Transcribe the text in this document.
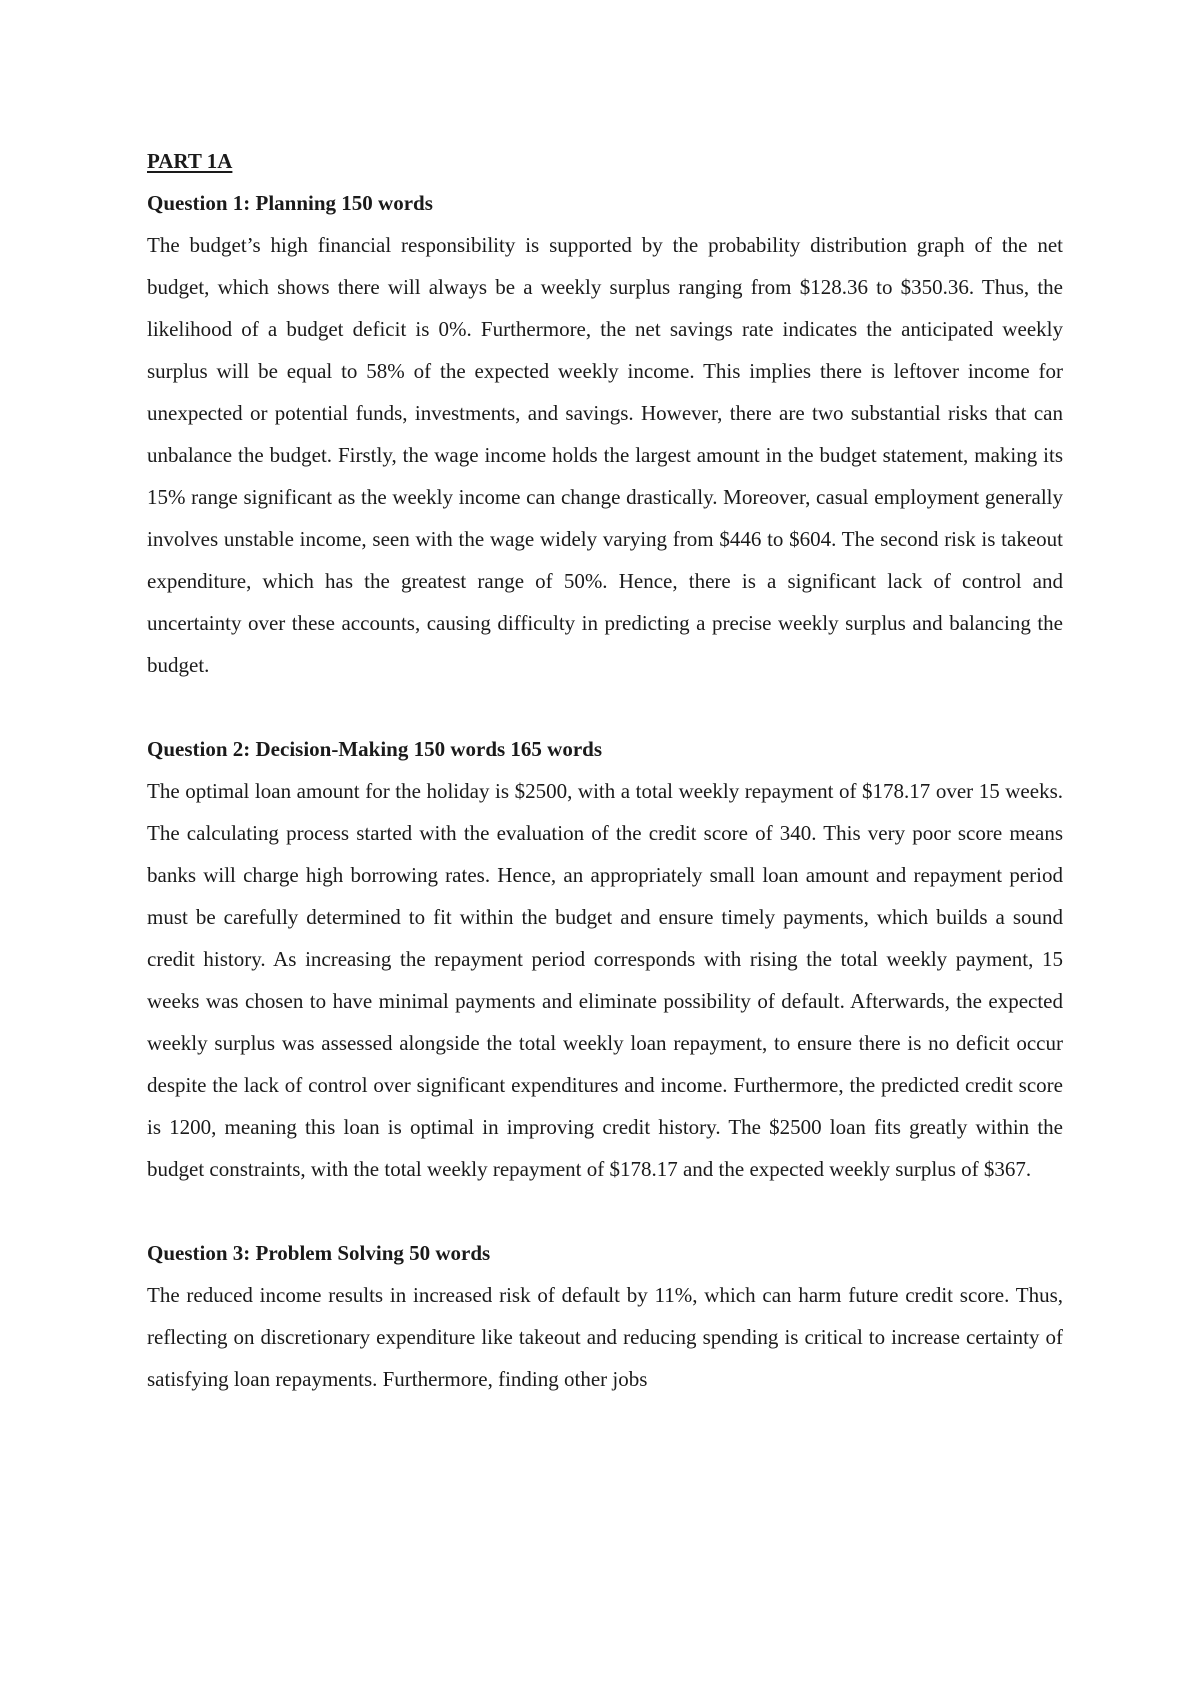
PART 1A

Question 1: Planning 150 words

The budget’s high financial responsibility is supported by the probability distribution graph of the net budget, which shows there will always be a weekly surplus ranging from $128.36 to $350.36. Thus, the likelihood of a budget deficit is 0%. Furthermore, the net savings rate indicates the anticipated weekly surplus will be equal to 58% of the expected weekly income. This implies there is leftover income for unexpected or potential funds, investments, and savings. However, there are two substantial risks that can unbalance the budget. Firstly, the wage income holds the largest amount in the budget statement, making its 15% range significant as the weekly income can change drastically. Moreover, casual employment generally involves unstable income, seen with the wage widely varying from $446 to $604. The second risk is takeout expenditure, which has the greatest range of 50%. Hence, there is a significant lack of control and uncertainty over these accounts, causing difficulty in predicting a precise weekly surplus and balancing the budget.

Question 2: Decision-Making 150 words 165 words

The optimal loan amount for the holiday is $2500, with a total weekly repayment of $178.17 over 15 weeks. The calculating process started with the evaluation of the credit score of 340. This very poor score means banks will charge high borrowing rates. Hence, an appropriately small loan amount and repayment period must be carefully determined to fit within the budget and ensure timely payments, which builds a sound credit history. As increasing the repayment period corresponds with rising the total weekly payment, 15 weeks was chosen to have minimal payments and eliminate possibility of default. Afterwards, the expected weekly surplus was assessed alongside the total weekly loan repayment, to ensure there is no deficit occur despite the lack of control over significant expenditures and income. Furthermore, the predicted credit score is 1200, meaning this loan is optimal in improving credit history. The $2500 loan fits greatly within the budget constraints, with the total weekly repayment of $178.17 and the expected weekly surplus of $367.

Question 3: Problem Solving 50 words

The reduced income results in increased risk of default by 11%, which can harm future credit score. Thus, reflecting on discretionary expenditure like takeout and reducing spending is critical to increase certainty of satisfying loan repayments. Furthermore, finding other jobs
